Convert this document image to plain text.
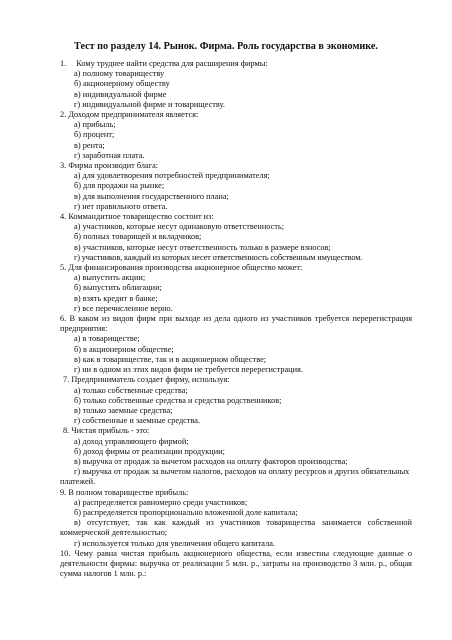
Тест по разделу 14. Рынок. Фирма. Роль государства в экономике.
1. Кому труднее найти средства для расширения фирмы:
а) полному товариществу
б) акционерному обществу
в) индивидуальной фирме
г) индивидуальной фирме и товариществу.
2. Доходом предпринимателя является:
а) прибыль;
б) процент;
в) рента;
г) заработная плата.
3. Фирма производит блага:
а) для удовлетворения потребностей предпринимателя;
б) для продажи на рынке;
в) для выполнения государственного плана;
г) нет правильного ответа.
4. Коммандитное товарищество состоит из:
а) участников, которые несут одинаковую ответственность;
б) полных товарищей и вкладчиков;
в) участников, которые несут ответственность только в размере взносов;
г) участников, каждый из которых несет ответственность собственным имуществом.
5. Для финансирования производства акционерное общество может:
а) выпустить акции;
б) выпустить облигации;
в) взять кредит в банке;
г) все перечисленное верно.
6. В каком из видов фирм при выходе из дела одного из участников требуется перерегистрация предприятия:
а) в товариществе;
б) в акционерном обществе;
в) как в товариществе, так и в акционерном обществе;
г) ни в одном из этих видов фирм не требуется перерегистрация.
7. Предприниматель создает фирму, используя:
а) только собственные средства;
б) только собственные средства и средства родственников;
в) только заемные средства;
г) собственные и заемные средства.
8. Чистая прибыль - это:
а) доход управляющего фирмой;
б) доход фирмы от реализации продукции;
в) выручка от продаж за вычетом расходов на оплату факторов производства;
г) выручка от продаж за вычетом налогов, расходов на оплату ресурсов и других обязательных платежей.
9. В полном товариществе прибыль:
а) распределяется равномерно среди участников;
б) распределяется пропорционально вложенной доле капитала;
в) отсутствует, так как каждый из участников товарищества занимается собственной коммерческой деятельностью;
г) используется только для увеличения общего капитала.
10. Чему равна чистая прибыль акционерного общества, если известны следующие данные о деятельности фирмы: выручка от реализации 5 млн. р., затраты на производство 3 млн. р., общая сумма налогов 1 млн. р.:
